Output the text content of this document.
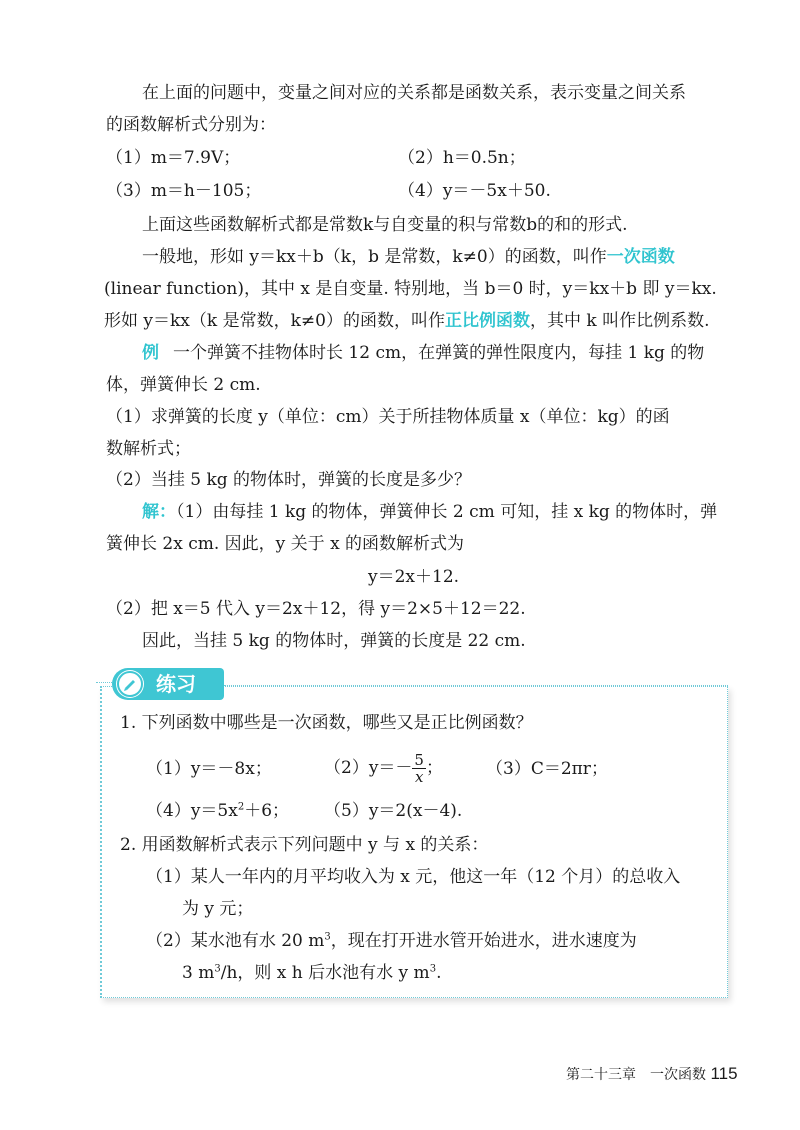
在上面的问题中，变量之间对应的关系都是函数关系，表示变量之间关系
的函数解析式分别为：
（1）m＝7.9V；	（2）h＝0.5n；
（3）m＝h－105；	（4）y＝－5x＋50.
上面这些函数解析式都是常数k与自变量的积与常数b的和的形式.
一般地，形如 y＝kx＋b（k，b 是常数，k≠0）的函数，叫作一次函数
(linear function)，其中 x 是自变量. 特别地，当 b＝0 时，y＝kx＋b 即 y＝kx.
形如 y＝kx（k 是常数，k≠0）的函数，叫作正比例函数，其中 k 叫作比例系数.
例 一个弹簧不挂物体时长 12 cm，在弹簧的弹性限度内，每挂 1 kg 的物
体，弹簧伸长 2 cm.
（1）求弹簧的长度 y（单位：cm）关于所挂物体质量 x（单位：kg）的函
数解析式；
（2）当挂 5 kg 的物体时，弹簧的长度是多少？
解：（1）由每挂 1 kg 的物体，弹簧伸长 2 cm 可知，挂 x kg 的物体时，弹
簧伸长 2x cm. 因此，y 关于 x 的函数解析式为
y＝2x＋12.
（2）把 x＝5 代入 y＝2x＋12，得 y＝2×5＋12＝22.
因此，当挂 5 kg 的物体时，弹簧的长度是 22 cm.
练习
1. 下列函数中哪些是一次函数，哪些又是正比例函数？
（1）y＝－8x；	$(2)y=- \frac{5}{x}$ ；	（3）C＝2πr；
$(4)y=5x^2+6$； （5）y＝2(x－4).
2. 用函数解析式表示下列问题中 y 与 x 的关系：
（1）某人一年内的月平均收入为 x 元，他这一年（12 个月）的总收入
为 y 元；
（2）某水池有水 20 $m^3$，现在打开进水管开始进水，进水速度为
3 $m^3/h$，则 x h 后水池有水 y $m^3$.
第二十三章　一次函数 115
